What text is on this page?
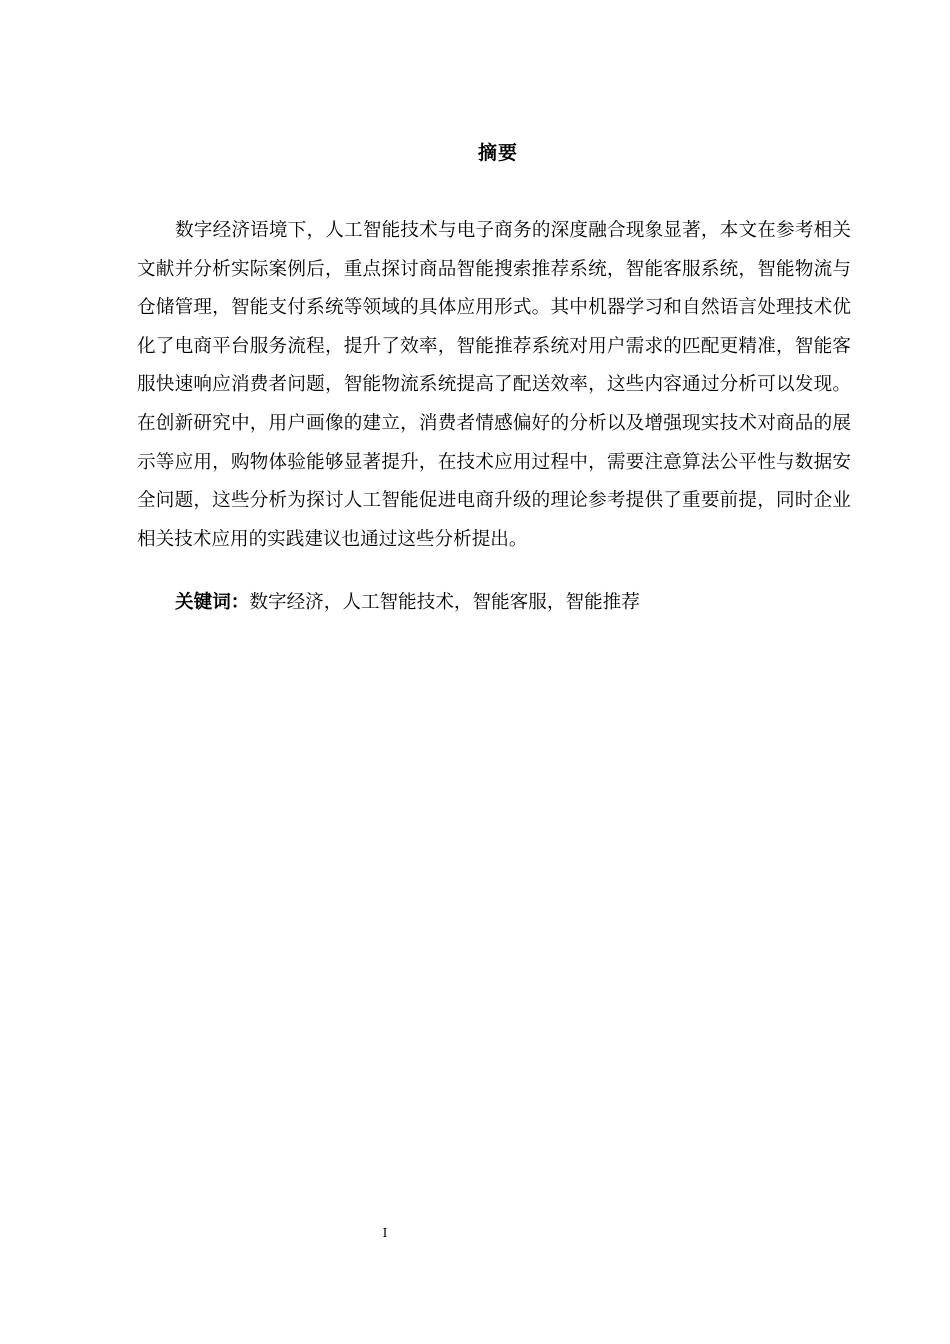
摘要

数字经济语境下，人工智能技术与电子商务的深度融合现象显著，本文在参考相关文献并分析实际案例后，重点探讨商品智能搜索推荐系统，智能客服系统，智能物流与仓储管理，智能支付系统等领域的具体应用形式。其中机器学习和自然语言处理技术优化了电商平台服务流程，提升了效率，智能推荐系统对用户需求的匹配更精准，智能客服快速响应消费者问题，智能物流系统提高了配送效率，这些内容通过分析可以发现。在创新研究中，用户画像的建立，消费者情感偏好的分析以及增强现实技术对商品的展示等应用，购物体验能够显著提升，在技术应用过程中，需要注意算法公平性与数据安全问题，这些分析为探讨人工智能促进电商升级的理论参考提供了重要前提，同时企业相关技术应用的实践建议也通过这些分析提出。

关键词：数字经济，人工智能技术，智能客服，智能推荐
I
